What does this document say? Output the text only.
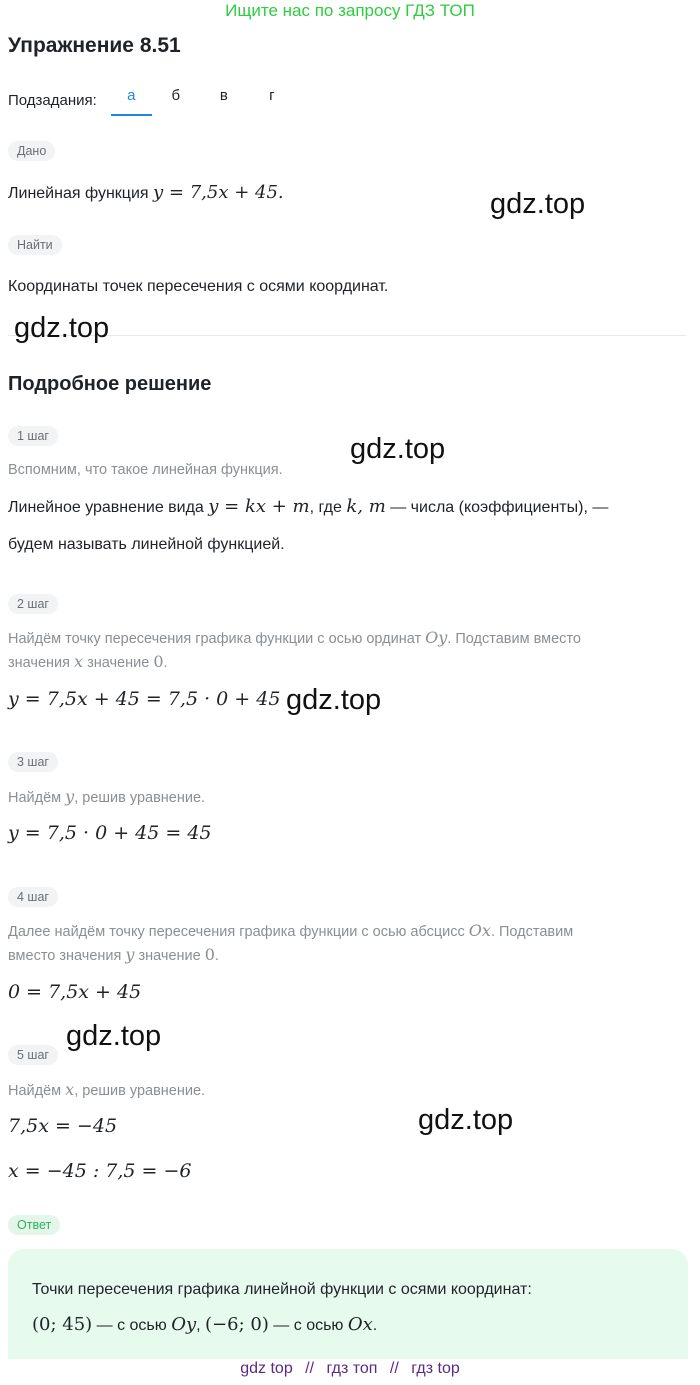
Ищите нас по запросу ГДЗ ТОП
Упражнение 8.51
Подзадания:	а	б	в	г
Дано
Линейная функция y = 7,5x + 45.
Найти
Координаты точек пересечения с осями координат.
Подробное решение
1 шаг
Вспомним, что такое линейная функция.
Линейное уравнение вида y = kx + m, где k, m — числа (коэффициенты), —
будем называть линейной функцией.
2 шаг
Найдём точку пересечения графика функции с осью ординат Oy. Подставим вместо
значения x значение 0.
y = 7,5x + 45 = 7,5 · 0 + 45
3 шаг
Найдём y, решив уравнение.
y = 7,5 · 0 + 45 = 45
4 шаг
Далее найдём точку пересечения графика функции с осью абсцисс Ox. Подставим
вместо значения y значение 0.
0 = 7,5x + 45
5 шаг
Найдём x, решив уравнение.
7,5x = −45
x = −45 : 7,5 = −6
Ответ
Точки пересечения графика линейной функции с осями координат:
(0; 45) — с осью Oy, (−6; 0) — с осью Ox.
gdz.top
gdz.top
gdz.top
gdz.top
gdz.top
gdz.top
gdz top // гдз топ // гдз top
